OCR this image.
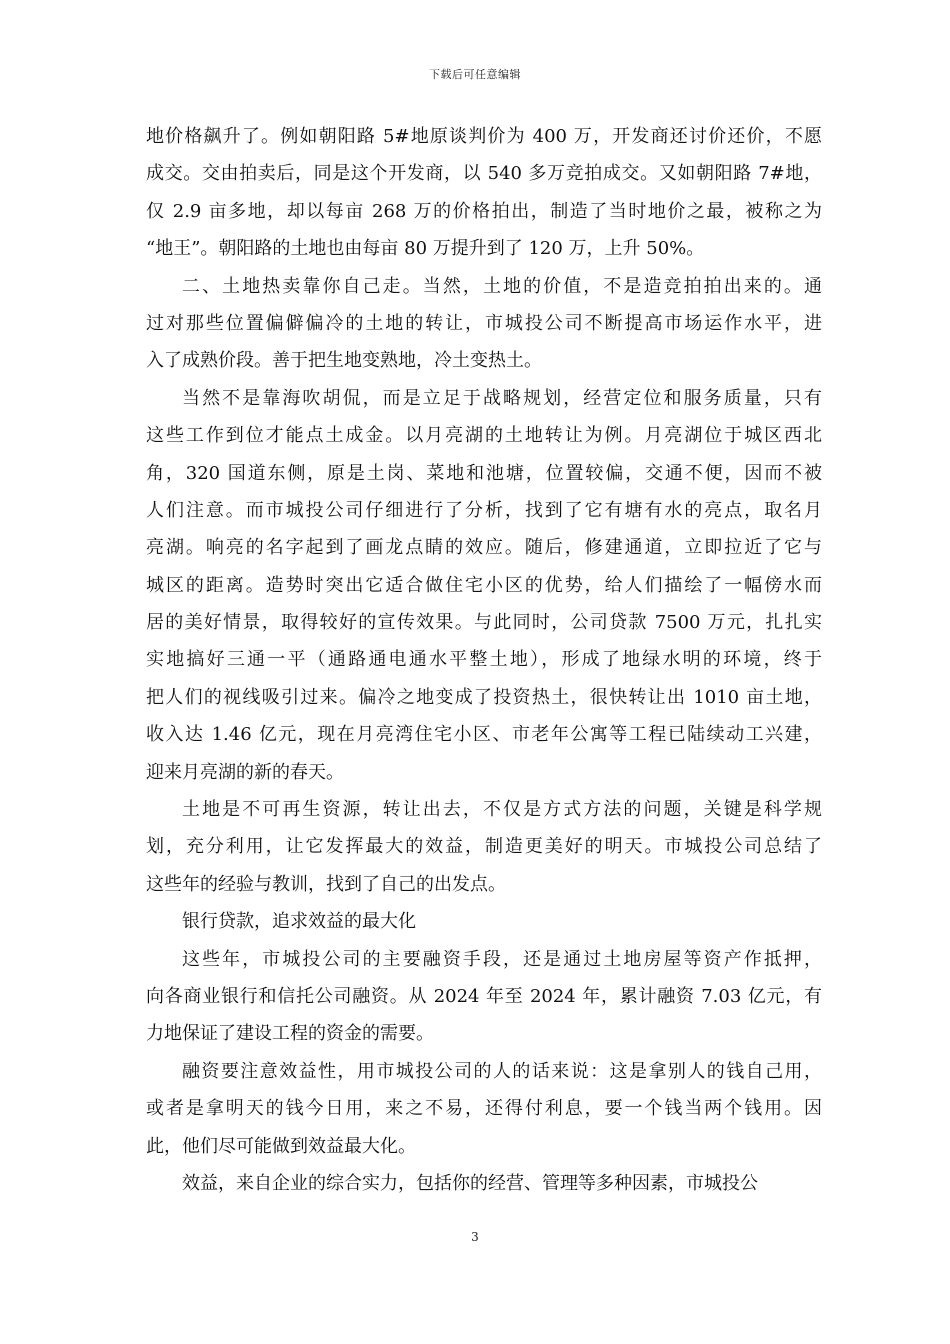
下载后可任意编辑
地价格飙升了。例如朝阳路 5#地原谈判价为 400 万，开发商还讨价还价，不愿
成交。交由拍卖后，同是这个开发商，以 540 多万竞拍成交。又如朝阳路 7#地，
仅 2.9 亩多地，却以每亩 268 万的价格拍出，制造了当时地价之最，被称之为
“地王”。朝阳路的土地也由每亩 80 万提升到了 120 万，上升 50%。
二、土地热卖靠你自己走。当然，土地的价值，不是造竞拍拍出来的。通
过对那些位置偏僻偏冷的土地的转让，市城投公司不断提高市场运作水平，进
入了成熟价段。善于把生地变熟地，冷土变热土。
当然不是靠海吹胡侃，而是立足于战略规划，经营定位和服务质量，只有
这些工作到位才能点土成金。以月亮湖的土地转让为例。月亮湖位于城区西北
角，320 国道东侧，原是土岗、菜地和池塘，位置较偏，交通不便，因而不被
人们注意。而市城投公司仔细进行了分析，找到了它有塘有水的亮点，取名月
亮湖。响亮的名字起到了画龙点睛的效应。随后，修建通道，立即拉近了它与
城区的距离。造势时突出它适合做住宅小区的优势，给人们描绘了一幅傍水而
居的美好情景，取得较好的宣传效果。与此同时，公司贷款 7500 万元，扎扎实
实地搞好三通一平（通路通电通水平整土地），形成了地绿水明的环境，终于
把人们的视线吸引过来。偏冷之地变成了投资热土，很快转让出 1010 亩土地，
收入达 1.46 亿元，现在月亮湾住宅小区、市老年公寓等工程已陆续动工兴建，
迎来月亮湖的新的春天。
土地是不可再生资源，转让出去，不仅是方式方法的问题，关键是科学规
划，充分利用，让它发挥最大的效益，制造更美好的明天。市城投公司总结了
这些年的经验与教训，找到了自己的出发点。
银行贷款，追求效益的最大化
这些年，市城投公司的主要融资手段，还是通过土地房屋等资产作抵押，
向各商业银行和信托公司融资。从 2024 年至 2024 年，累计融资 7.03 亿元，有
力地保证了建设工程的资金的需要。
融资要注意效益性，用市城投公司的人的话来说：这是拿别人的钱自己用，
或者是拿明天的钱今日用，来之不易，还得付利息，要一个钱当两个钱用。因
此，他们尽可能做到效益最大化。
效益，来自企业的综合实力，包括你的经营、管理等多种因素，市城投公
3
